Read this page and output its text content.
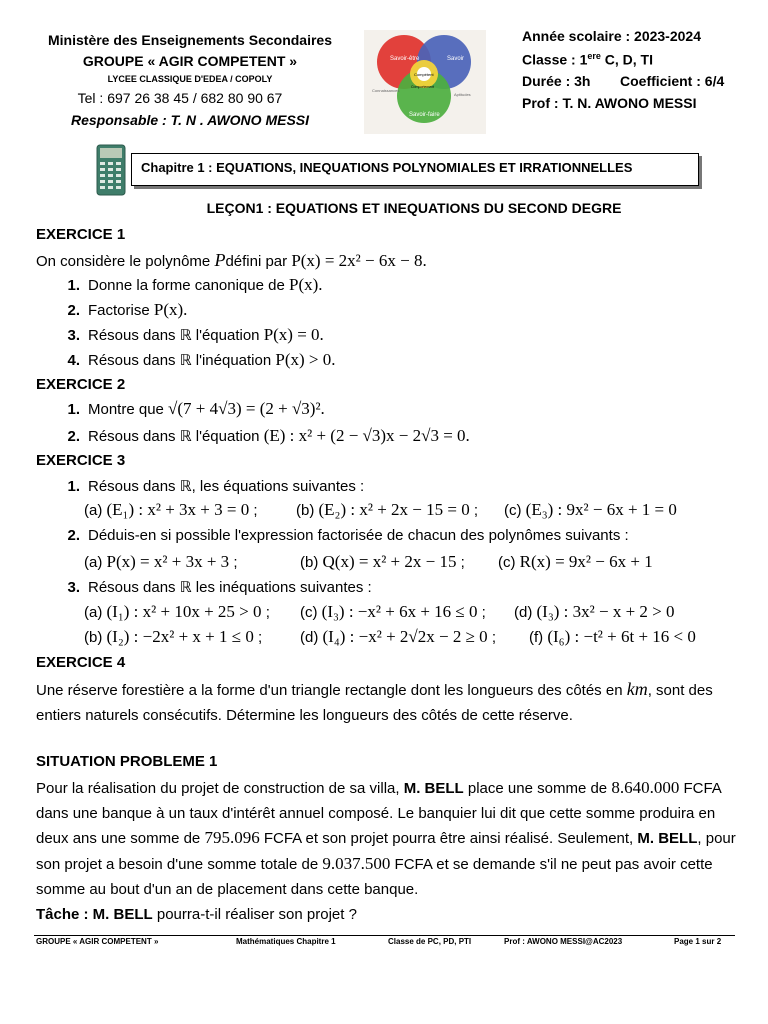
Ministère des Enseignements Secondaires
GROUPE « AGIR COMPETENT »
LYCEE CLASSIQUE D'EDEA / COPOLY
Tel : 697 26 38 45 / 682 80 90 67
Responsable : T. N . AWONO MESSI
Savoir-être	Savoir
Savoir-faire
Compétent
Comportement
Connaissances
Aptitudes
Année scolaire : 2023-2024
Classe : 1ere C, D, TI
Durée : 3h Coefficient : 6/4
Prof : T. N. AWONO MESSI
Chapitre 1 : EQUATIONS, INEQUATIONS POLYNOMIALES ET IRRATIONNELLES
LEÇON1 : EQUATIONS ET INEQUATIONS DU SECOND DEGRE
EXERCICE 1
On considère le polynôme Pdéfini par P(x) = 2x² − 6x − 8.
1. Donne la forme canonique de P(x).
2. Factorise P(x).
3. Résous dans ℝ l'équation P(x) = 0.
4. Résous dans ℝ l'inéquation P(x) > 0.
EXERCICE 2
1. Montre que √(7 + 4√3) = (2 + √3)².
2. Résous dans ℝ l'équation (E) : x² + (2 − √3)x − 2√3 = 0.
EXERCICE 3
1. Résous dans ℝ, les équations suivantes :
(a) (E₁) : x² + 3x + 3 = 0 ;	(b) (E₂) : x² + 2x − 15 = 0 ; (c) (E₃) : 9x² − 6x + 1 = 0
2. Déduis-en si possible l'expression factorisée de chacun des polynômes suivants :
(a) P(x) = x² + 3x + 3 ;	(b) Q(x) = x² + 2x − 15 ; (c) R(x) = 9x² − 6x + 1
3. Résous dans ℝ les inéquations suivantes :
(a) (I₁) : x² + 10x + 25 > 0 ; (c) (I₃) : −x² + 6x + 16 ≤ 0 ; (d) (I₃) : 3x² − x + 2 > 0
(b) (I₂) : −2x² + x + 1 ≤ 0 ;	(d) (I₄) : −x² + 2√2x − 2 ≥ 0 ; (f) (I₆) : −t² + 6t + 16 < 0
EXERCICE 4
Une réserve forestière a la forme d'un triangle rectangle dont les longueurs des côtés en km, sont des entiers naturels consécutifs. Détermine les longueurs des côtés de cette réserve.
SITUATION PROBLEME 1
Pour la réalisation du projet de construction de sa villa, M. BELL place une somme de 8.640.000 FCFA dans une banque à un taux d'intérêt annuel composé. Le banquier lui dit que cette somme produira en deux ans une somme de 795.096 FCFA et son projet pourra être ainsi réalisé. Seulement, M. BELL, pour son projet a besoin d'une somme totale de 9.037.500 FCFA et se demande s'il ne peut pas avoir cette somme au bout d'un an de placement dans cette banque.
Tâche : M. BELL pourra-t-il réaliser son projet ?
GROUPE « AGIR COMPETENT »	Mathématiques Chapitre 1	Classe de PC, PD, PTI	Prof : AWONO MESSI@AC2023	Page 1 sur 2
